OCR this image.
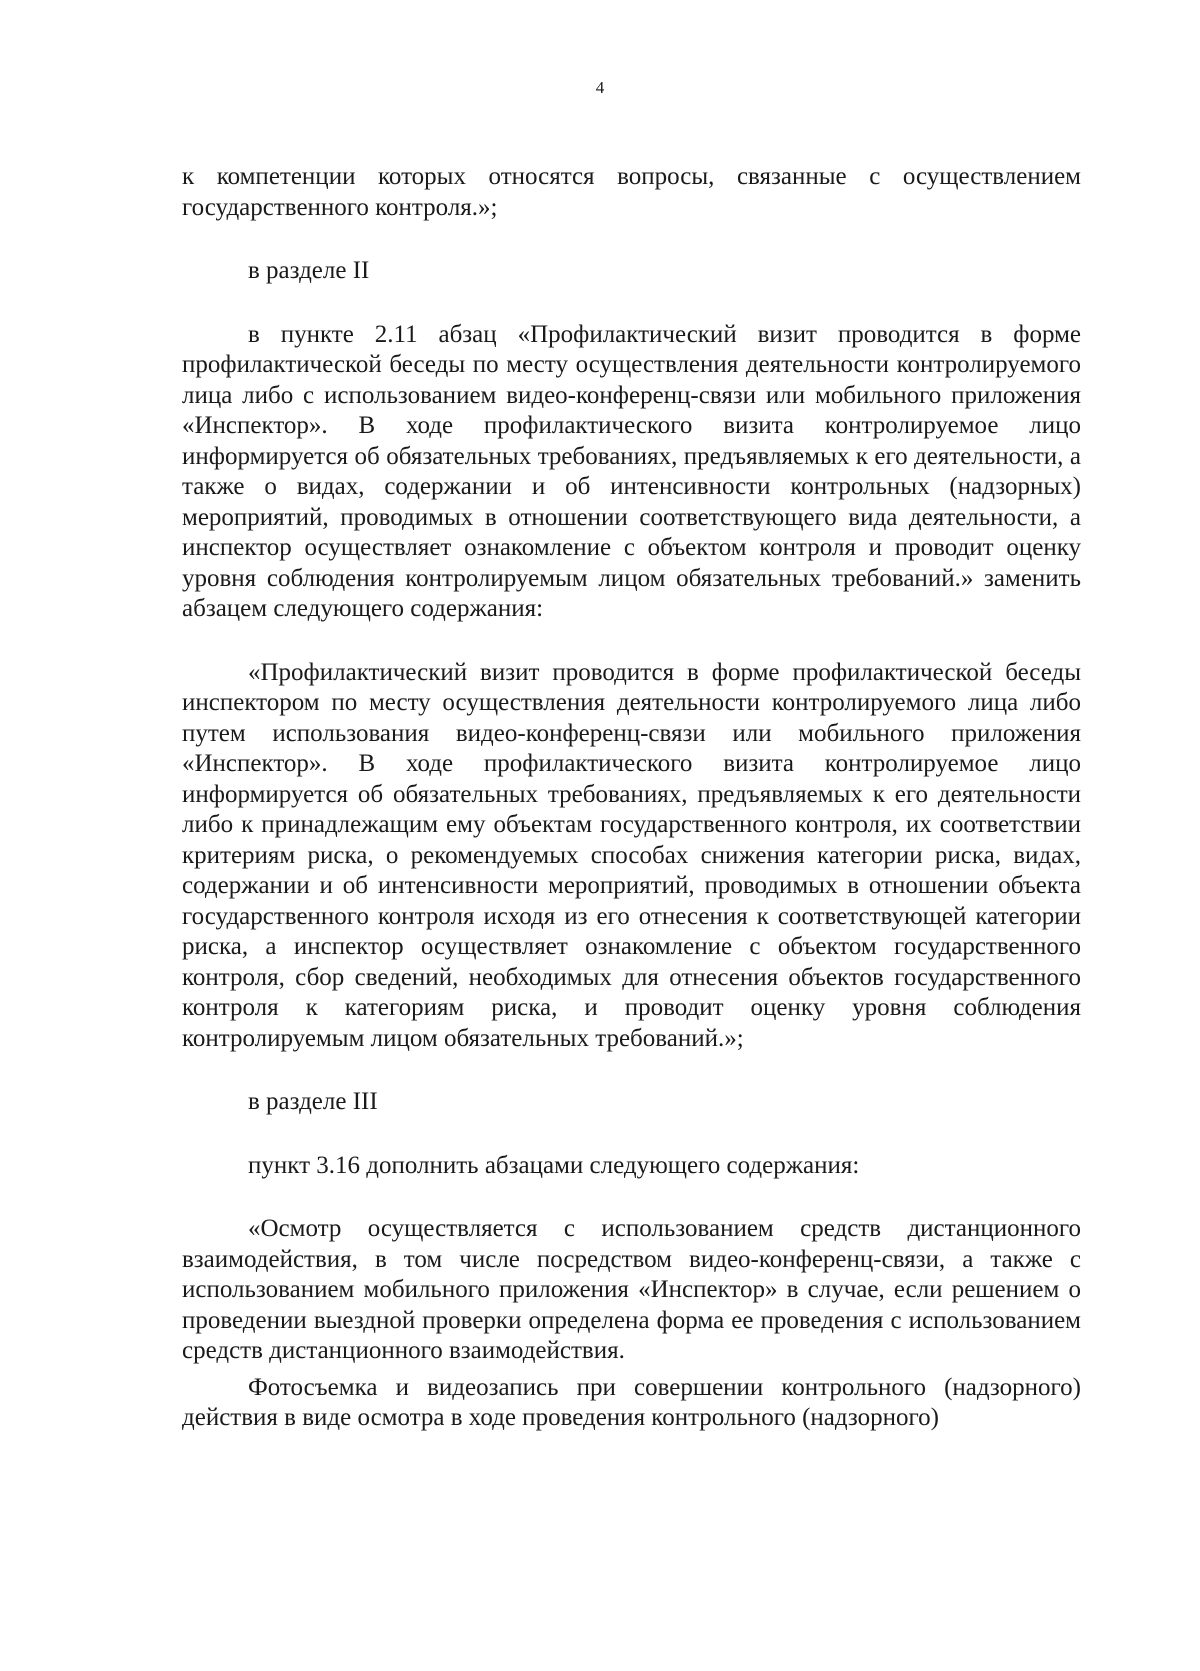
4

к компетенции которых относятся вопросы, связанные с осуществлением государственного контроля.»;

в разделе II

в пункте 2.11 абзац «Профилактический визит проводится в форме профилактической беседы по месту осуществления деятельности контролируемого лица либо с использованием видео-конференц-связи или мобильного приложения «Инспектор». В ходе профилактического визита контролируемое лицо информируется об обязательных требованиях, предъявляемых к его деятельности, а также о видах, содержании и об интенсивности контрольных (надзорных) мероприятий, проводимых в отношении соответствующего вида деятельности, а инспектор осуществляет ознакомление с объектом контроля и проводит оценку уровня соблюдения контролируемым лицом обязательных требований.» заменить абзацем следующего содержания:

«Профилактический визит проводится в форме профилактической беседы инспектором по месту осуществления деятельности контролируемого лица либо путем использования видео-конференц-связи или мобильного приложения «Инспектор». В ходе профилактического визита контролируемое лицо информируется об обязательных требованиях, предъявляемых к его деятельности либо к принадлежащим ему объектам государственного контроля, их соответствии критериям риска, о рекомендуемых способах снижения категории риска, видах, содержании и об интенсивности мероприятий, проводимых в отношении объекта государственного контроля исходя из его отнесения к соответствующей категории риска, а инспектор осуществляет ознакомление с объектом государственного контроля, сбор сведений, необходимых для отнесения объектов государственного контроля к категориям риска, и проводит оценку уровня соблюдения контролируемым лицом обязательных требований.»;

в разделе III

пункт 3.16 дополнить абзацами следующего содержания:

«Осмотр осуществляется с использованием средств дистанционного взаимодействия, в том числе посредством видео-конференц-связи, а также с использованием мобильного приложения «Инспектор» в случае, если решением о проведении выездной проверки определена форма ее проведения с использованием средств дистанционного взаимодействия.

Фотосъемка и видеозапись при совершении контрольного (надзорного) действия в виде осмотра в ходе проведения контрольного (надзорного)
